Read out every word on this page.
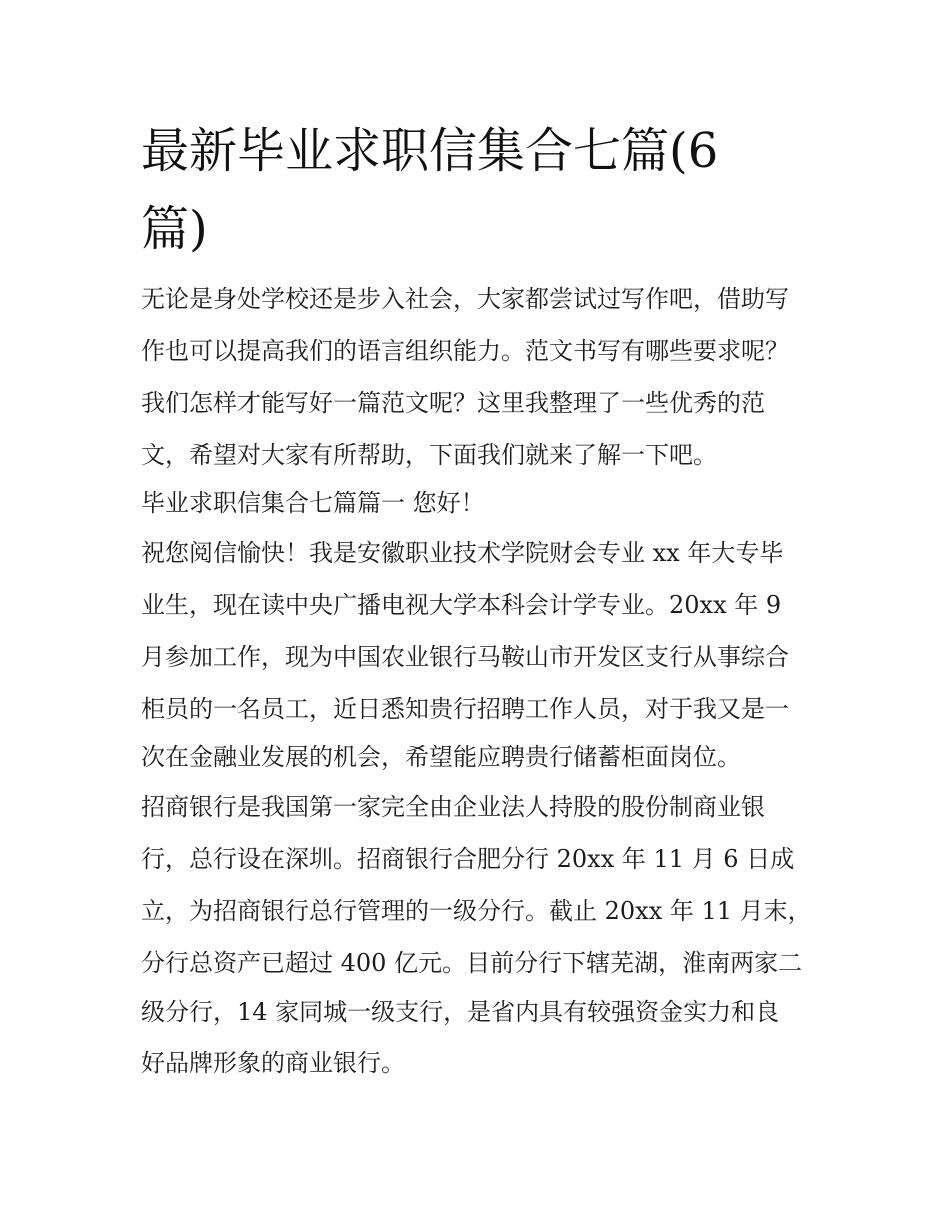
最新毕业求职信集合七篇(6
篇)

无论是身处学校还是步入社会，大家都尝试过写作吧，借助写

作也可以提高我们的语言组织能力。范文书写有哪些要求呢？

我们怎样才能写好一篇范文呢？这里我整理了一些优秀的范

文，希望对大家有所帮助，下面我们就来了解一下吧。

毕业求职信集合七篇篇一 您好！

祝您阅信愉快！我是安徽职业技术学院财会专业 xx 年大专毕

业生，现在读中央广播电视大学本科会计学专业。20xx 年 9

月参加工作，现为中国农业银行马鞍山市开发区支行从事综合

柜员的一名员工，近日悉知贵行招聘工作人员，对于我又是一

次在金融业发展的机会，希望能应聘贵行储蓄柜面岗位。

招商银行是我国第一家完全由企业法人持股的股份制商业银

行，总行设在深圳。招商银行合肥分行 20xx 年 11 月 6 日成

立，为招商银行总行管理的一级分行。截止 20xx 年 11 月末，

分行总资产已超过 400 亿元。目前分行下辖芜湖，淮南两家二

级分行，14 家同城一级支行，是省内具有较强资金实力和良

好品牌形象的商业银行。
